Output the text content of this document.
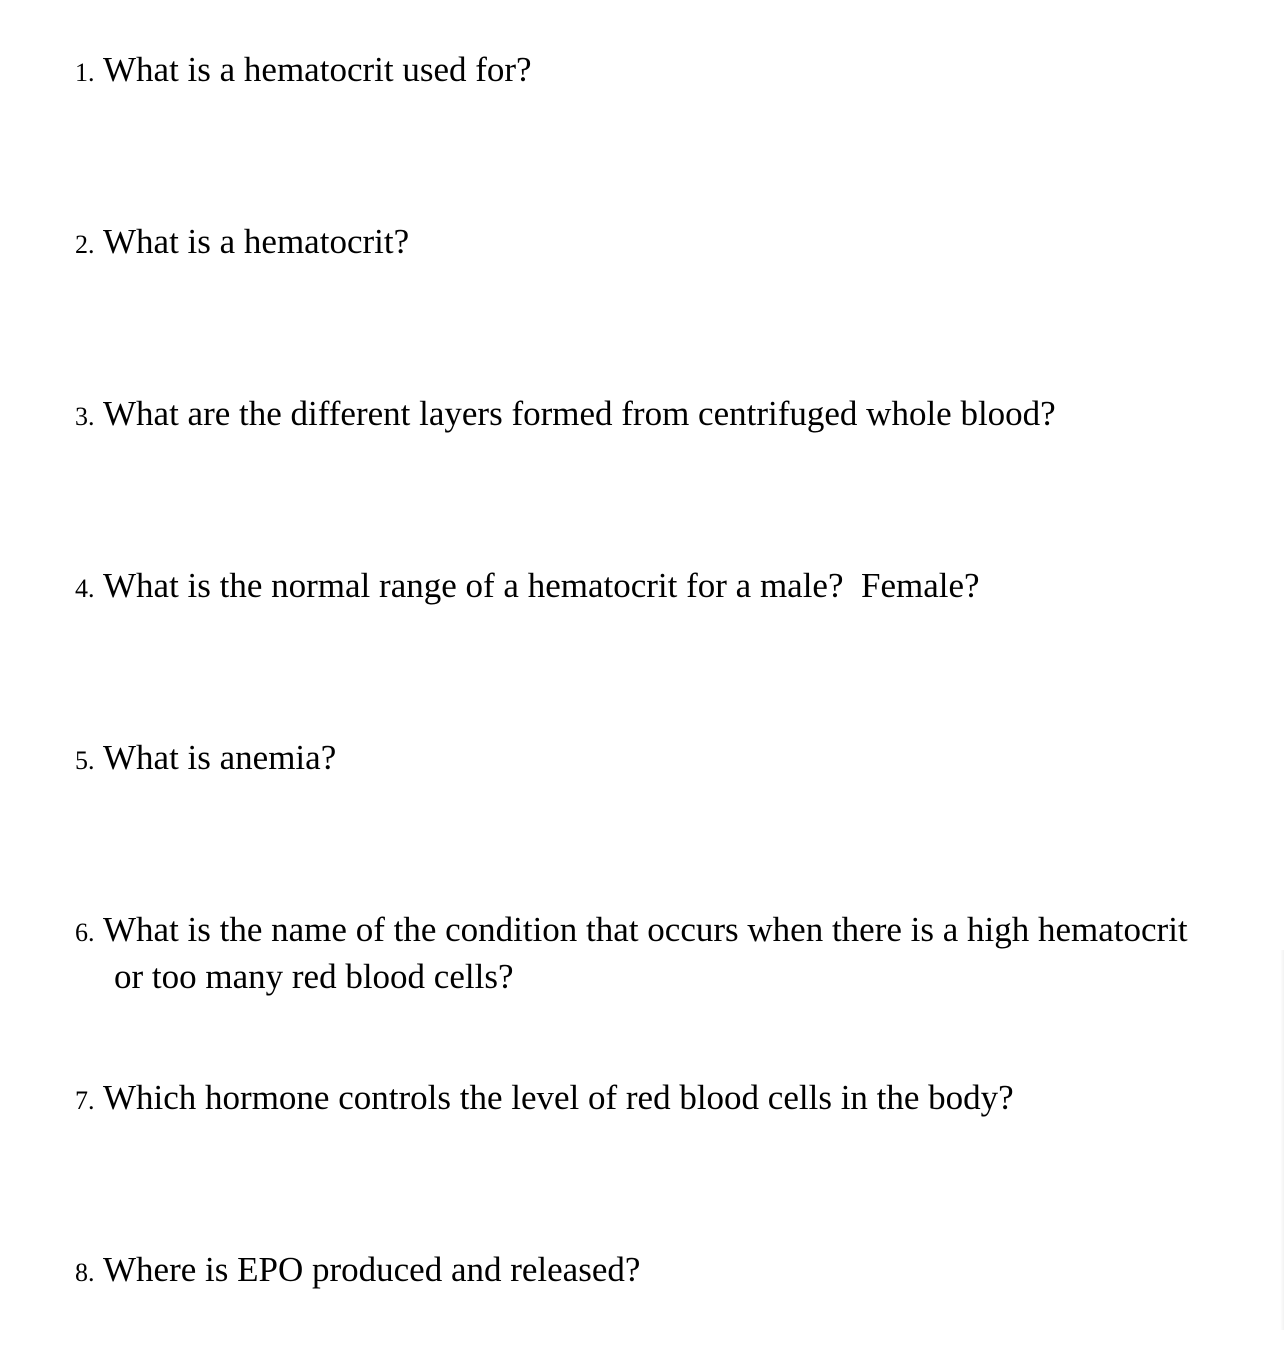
1. What is a hematocrit used for?
2. What is a hematocrit?
3. What are the different layers formed from centrifuged whole blood?
4. What is the normal range of a hematocrit for a male?  Female?
5. What is anemia?
6. What is the name of the condition that occurs when there is a high hematocrit
or too many red blood cells?
7. Which hormone controls the level of red blood cells in the body?
8. Where is EPO produced and released?
